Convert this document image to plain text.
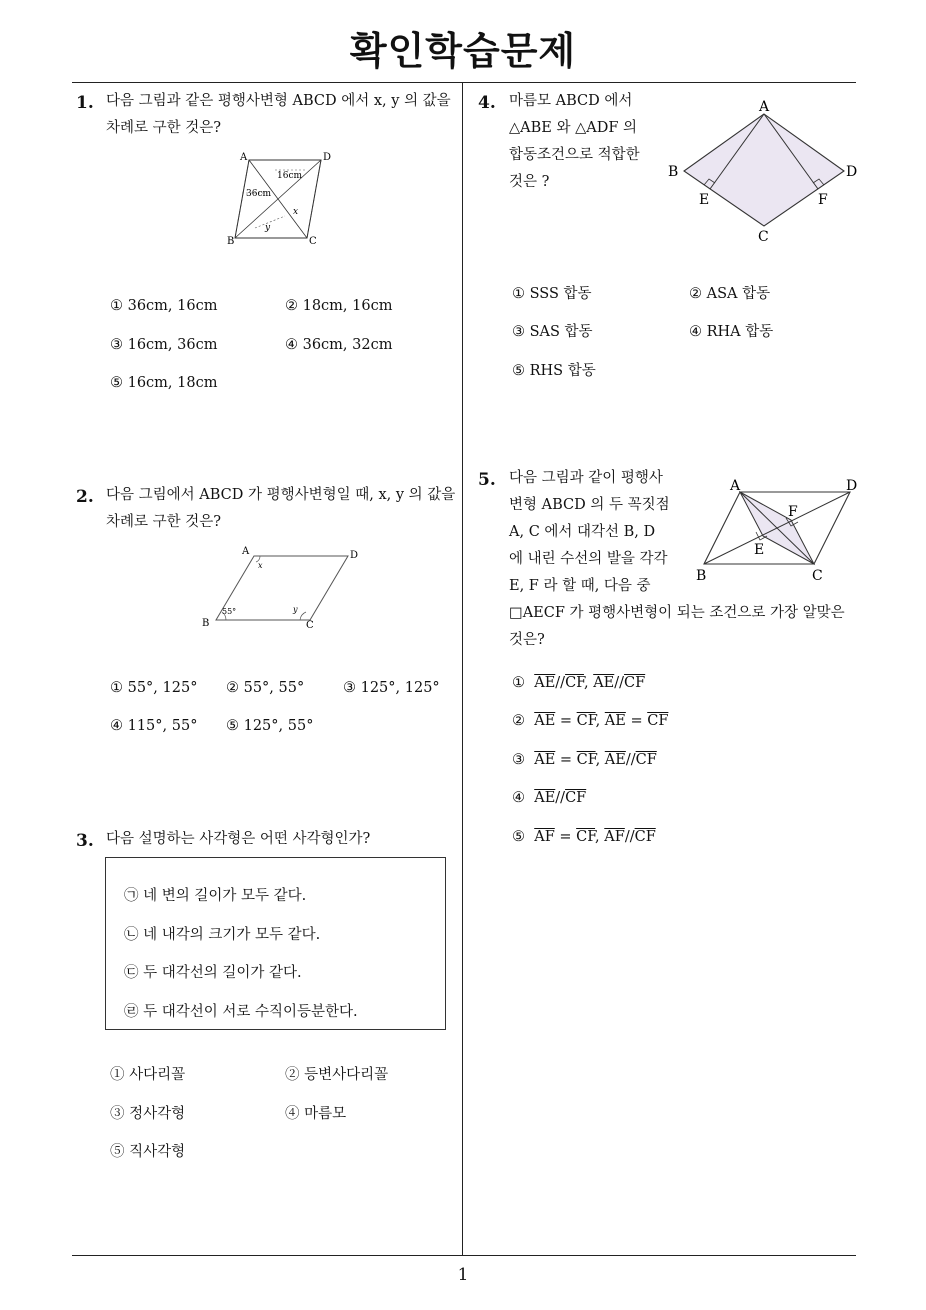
확인학습문제
1
1. 다음 그림과 같은 평행사변형 ABCD 에서 x, y 의 값을 차례로 구한 것은?
A	D
B	C
16cm
36cm
x
y
① 36cm, 16cm	② 18cm, 16cm
③ 16cm, 36cm	④ 36cm, 32cm
⑤ 16cm, 18cm
2. 다음 그림에서 ABCD 가 평행사변형일 때, x, y 의 값을 차례로 구한 것은?
A	D
B	C
55°
x
y
① 55°, 125° ② 55°, 55°	③ 125°, 125°
④ 115°, 55° ⑤ 125°, 55°
3. 다음 설명하는 사각형은 어떤 사각형인가?
㉠ 네 변의 길이가 모두 같다.
㉡ 네 내각의 크기가 모두 같다.
㉢ 두 대각선의 길이가 같다.
㉣ 두 대각선이 서로 수직이등분한다.
① 사다리꼴	② 등변사다리꼴
③ 정사각형	④ 마름모
⑤ 직사각형
4. 마름모 ABCD 에서 △ABE 와 △ADF 의 합동조건으로 적합한 것은 ?
A
B	D
E	F
C
① SSS 합동	② ASA 합동
③ SAS 합동	④ RHA 합동
⑤ RHS 합동
5. 다음 그림과 같이 평행사
변형 ABCD 의 두 꼭짓점
A, C 에서 대각선 B, D
에 내린 수선의 발을 각각
E, F 라 할 때, 다음 중
□AECF 가 평행사변형이 되는 조건으로 가장 알맞은 것은?
A	D
B	C
F
E
① $\overline{AE}//\overline{CF}$, $\overline{AE}//\overline{CF}$
② $\overline{AE} = \overline{CF}$, $\overline{AE} = \overline{CF}$
③ $\overline{AE} = \overline{CF}$, $\overline{AE}//\overline{CF}$
④ $\overline{AE}//\overline{CF}$
⑤ $\overline{AF} = \overline{CF}$, $\overline{AF}//\overline{CF}$
